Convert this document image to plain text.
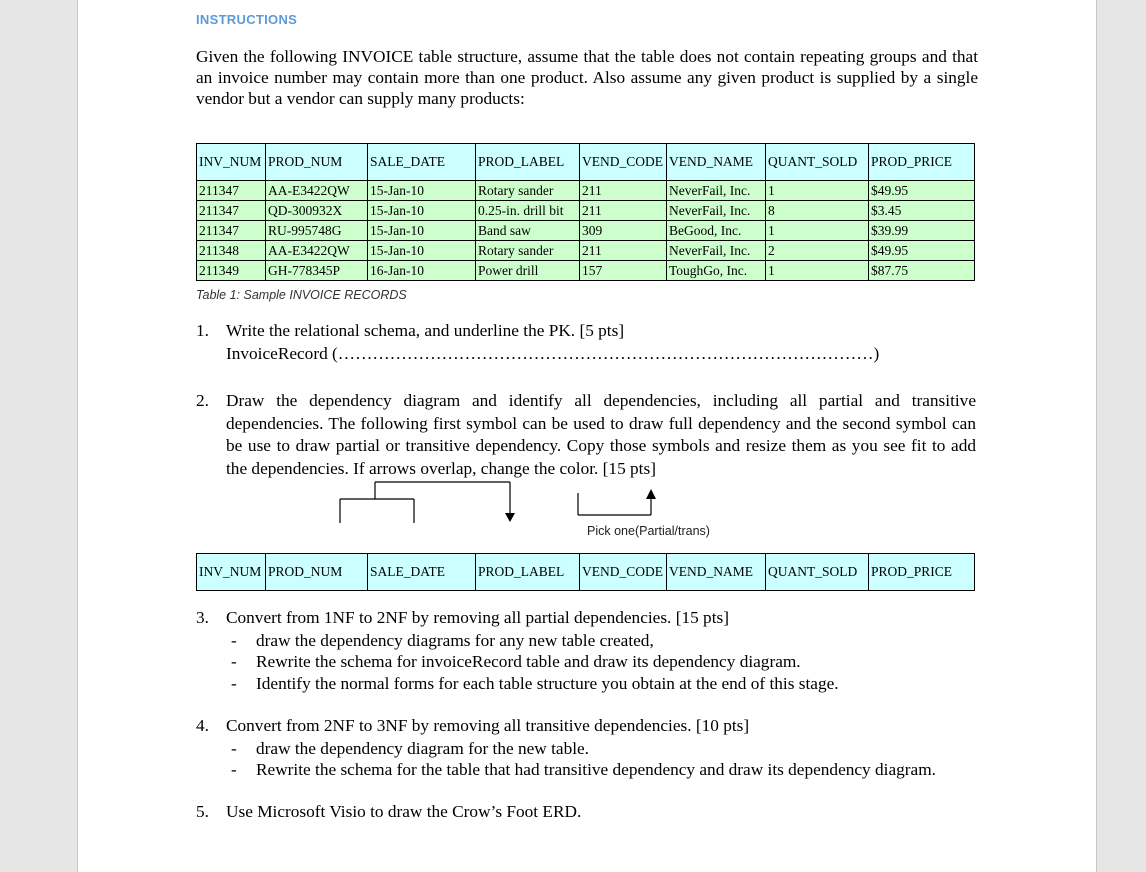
INSTRUCTIONS
Given the following INVOICE table structure, assume that the table does not contain repeating groups and that an invoice number may contain more than one product. Also assume any given product is supplied by a single vendor but a vendor can supply many products:
INV_NUM	PROD_NUM	SALE_DATE	PROD_LABEL	VEND_CODE	VEND_NAME	QUANT_SOLD	PROD_PRICE
211347	AA-E3422QW	15-Jan-10	Rotary sander	211	NeverFail, Inc.	1	$49.95
211347	QD-300932X	15-Jan-10	0.25-in. drill bit	211	NeverFail, Inc.	8	$3.45
211347	RU-995748G	15-Jan-10	Band saw	309	BeGood, Inc.	1	$39.99
211348	AA-E3422QW	15-Jan-10	Rotary sander	211	NeverFail, Inc.	2	$49.95
211349	GH-778345P	16-Jan-10	Power drill	157	ToughGo, Inc.	1	$87.75
Table 1: Sample INVOICE RECORDS
1. Write the relational schema, and underline the PK. [5 pts]
InvoiceRecord (…………………………………………………………………………………)
2. Draw the dependency diagram and identify all dependencies, including all partial and transitive dependencies. The following first symbol can be used to draw full dependency and the second symbol can be use to draw partial or transitive dependency. Copy those symbols and resize them as you see fit to add the dependencies. If arrows overlap, change the color. [15 pts]
Pick one(Partial/trans)
INV_NUM	PROD_NUM	SALE_DATE	PROD_LABEL	VEND_CODE	VEND_NAME	QUANT_SOLD	PROD_PRICE
3. Convert from 1NF to 2NF by removing all partial dependencies. [15 pts]
- draw the dependency diagrams for any new table created,
- Rewrite the schema for invoiceRecord table and draw its dependency diagram.
- Identify the normal forms for each table structure you obtain at the end of this stage.
4. Convert from 2NF to 3NF by removing all transitive dependencies. [10 pts]
- draw the dependency diagram for the new table.
- Rewrite the schema for the table that had transitive dependency and draw its dependency diagram.
5. Use Microsoft Visio to draw the Crow’s Foot ERD.
